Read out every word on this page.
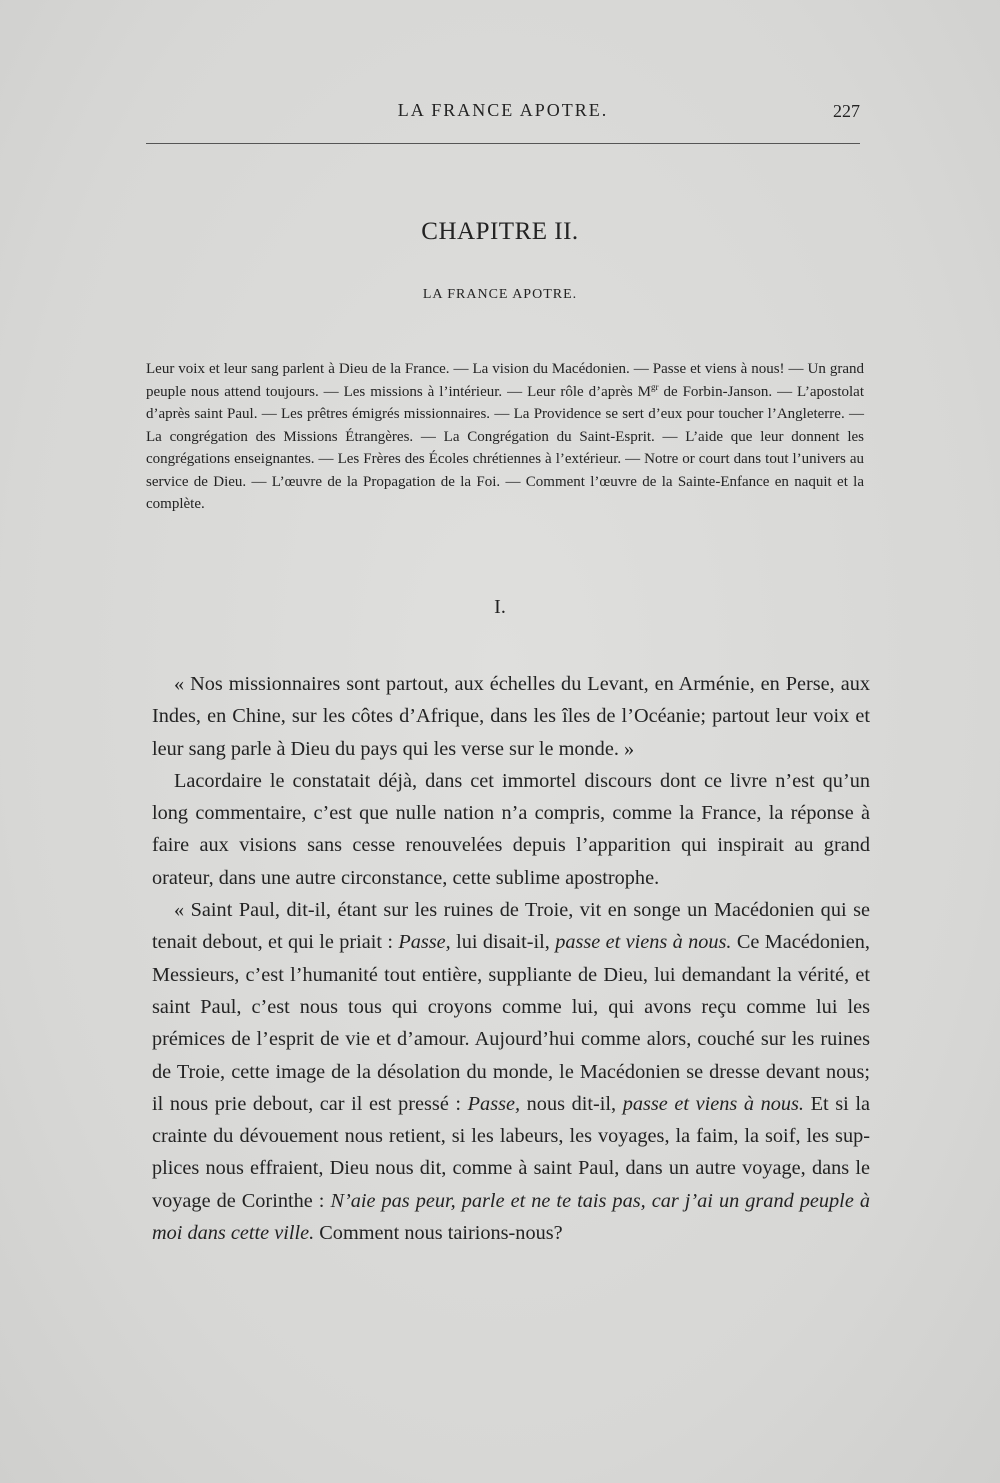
LA FRANCE APOTRE.	227
CHAPITRE II.
LA FRANCE APOTRE.

Leur voix et leur sang parlent à Dieu de la France. — La vision du Macédonien. — Passe et viens à nous! — Un grand peuple nous attend toujours. — Les missions à l’intérieur. — Leur rôle d’après $M^{gr}$ de Forbin-Janson. — L’apostolat d’après saint Paul. — Les prêtres émigrés missionnaires. — La Providence se sert d’eux pour toucher l’Angleterre. — La congrégation des Missions Étrangères. — La Congrégation du Saint-Esprit. — L’aide que leur donnent les congrégations enseignantes. — Les Frères des Écoles chrétiennes à l’extérieur. — Notre or court dans tout l’univers au service de Dieu. — L’œuvre de la Propagation de la Foi. — Comment l’œuvre de la Sainte-Enfance en naquit et la complète.

I.

« Nos missionnaires sont partout, aux échelles du Levant, en Arménie, en Perse, aux Indes, en Chine, sur les côtes d’Afrique, dans les îles de l’Océanie; partout leur voix et leur sang parle à Dieu du pays qui les verse sur le monde. »

Lacordaire le constatait déjà, dans cet immortel discours dont ce livre n’est qu’un long commentaire, c’est que nulle nation n’a compris, comme la France, la réponse à faire aux visions sans cesse renouvelées depuis l’apparition qui inspirait au grand orateur, dans une autre circonstance, cette sublime apostrophe.

« Saint Paul, dit-il, étant sur les ruines de Troie, vit en songe un Macédonien qui se tenait debout, et qui le priait : Passe, lui disait-il, passe et viens à nous. Ce Macédonien, Messieurs, c’est l’humanité tout entière, suppliante de Dieu, lui demandant la vérité, et saint Paul, c’est nous tous qui croyons comme lui, qui avons reçu comme lui les prémices de l’esprit de vie et d’amour. Aujourd’hui comme alors, couché sur les ruines de Troie, cette image de la désolation du monde, le Macédonien se dresse devant nous; il nous prie debout, car il est pressé : Passe, nous dit-il, passe et viens à nous. Et si la crainte du dévouement nous retient, si les labeurs, les voyages, la faim, la soif, les supplices nous effraient, Dieu nous dit, comme à saint Paul, dans un autre voyage, dans le voyage de Corinthe : N’aie pas peur, parle et ne te tais pas, car j’ai un grand peuple à moi dans cette ville. Comment nous tairions-nous?
